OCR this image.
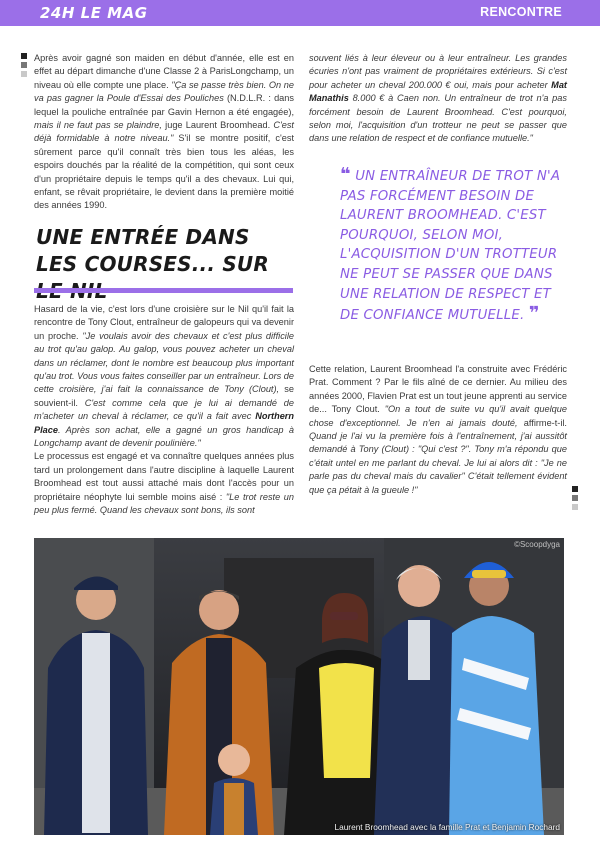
24H LE MAG	RENCONTRE

Après avoir gagné son maiden en début d'année, elle est en effet au départ dimanche d'une Classe 2 à ParisLongchamp, un niveau où elle compte une place. "Ça se passe très bien. On ne va pas gagner la Poule d'Essai des Pouliches (N.D.L.R. : dans lequel la pouliche entraînée par Gavin Hernon a été engagée), mais il ne faut pas se plaindre, juge Laurent Broomhead. C'est déjà formidable à notre niveau." S'il se montre positif, c'est sûrement parce qu'il connaît très bien tous les aléas, les espoirs douchés par la réalité de la compétition, qui sont ceux d'un propriétaire depuis le temps qu'il a des chevaux. Lui qui, enfant, se rêvait propriétaire, le devient dans la première moitié des années 1990.

UNE ENTRÉE DANS LES COURSES... SUR

Hasard de la vie, c'est lors d'une croisière sur le Nil qu'il fait la rencontre de Tony Clout, entraîneur de galopeurs qui va devenir un proche. "Je voulais avoir des chevaux et c'est plus difficile au trot qu'au galop. Au galop, vous pouvez acheter un cheval dans un réclamer, dont le nombre est beaucoup plus important qu'au trot. Vous vous faites conseiller par un entraîneur. Lors de cette croisière, j'ai fait la connaissance de Tony (Clout), se souvient-il. C'est comme cela que je lui ai demandé de m'acheter un cheval à réclamer, ce qu'il a fait avec Northern Place. Après son achat, elle a gagné un gros handicap à Longchamp avant de devenir poulinière."

Le processus est engagé et va connaître quelques années plus tard un prolongement dans l'autre discipline à laquelle Laurent Broomhead est tout aussi attaché mais dont l'accès pour un propriétaire néophyte lui semble moins aisé : "Le trot reste un peu plus fermé. Quand les chevaux sont bons, ils sont

souvent liés à leur éleveur ou à leur entraîneur. Les grandes écuries n'ont pas vraiment de propriétaires extérieurs. Si c'est pour acheter un cheval 200.000 € oui, mais pour acheter Mat Manathis 8.000 € à Caen non. Un entraîneur de trot n'a pas forcément besoin de Laurent Broomhead. C'est pourquoi, selon moi, l'acquisition d'un trotteur ne peut se passer que dans une relation de respect et de confiance mutuelle."

❝ UN ENTRAÎNEUR DE TROT N'A PAS FORCÉMENT BESOIN DE LAURENT BROOMHEAD. C'EST POURQUOI, SELON MOI, L'ACQUISITION D'UN TROTTEUR NE PEUT SE PASSER QUE DANS UNE RELATION DE RESPECT ET DE CONFIANCE MUTUELLE. ❞

Cette relation, Laurent Broomhead l'a construite avec Frédéric Prat. Comment ? Par le fils aîné de ce dernier. Au milieu des années 2000, Flavien Prat est un tout jeune apprenti au service de... Tony Clout. "On a tout de suite vu qu'il avait quelque chose d'exceptionnel. Je n'en ai jamais douté, affirme-t-il. Quand je l'ai vu la première fois à l'entraînement, j'ai aussitôt demandé à Tony (Clout) : "Qui c'est ?". Tony m'a répondu que c'était untel en me parlant du cheval. Je lui ai alors dit : "Je ne parle pas du cheval mais du cavalier" C'était tellement évident que ça pétait à la gueule !"

©Scoopdyga
Laurent Broomhead avec la famille Prat et Benjamin Rochard
